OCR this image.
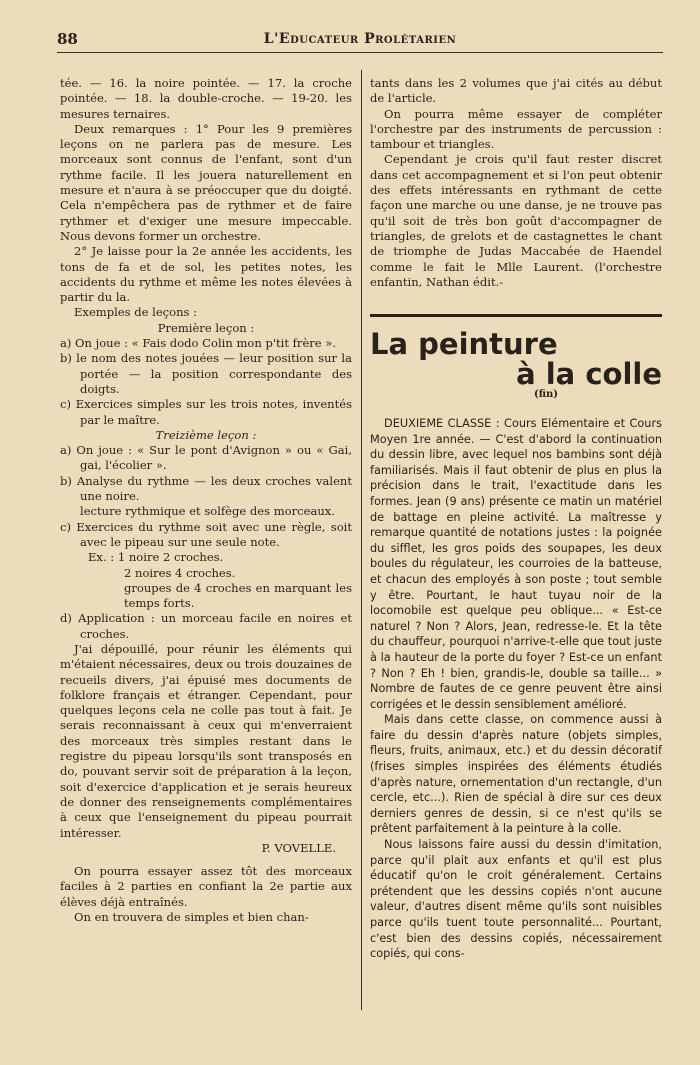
88	L'Educateur Prolétarien

tée. — 16. la noire pointée. — 17. la croche pointée. — 18. la double-croche. — 19-20. les mesures ternaires.

Deux remarques : 1° Pour les 9 premières leçons on ne parlera pas de mesure. Les morceaux sont connus de l'enfant, sont d'un rythme facile. Il les jouera naturellement en mesure et n'aura à se préoccuper que du doigté. Cela n'empêchera pas de rythmer et de faire rythmer et d'exiger une mesure impeccable. Nous devons former un orchestre.

2° Je laisse pour la 2e année les accidents, les tons de fa et de sol, les petites notes, les accidents du rythme et même les notes élevées à partir du la.

Exemples de leçons :

Première leçon :

a) On joue : « Fais dodo Colin mon p'tit frère ».

b) le nom des notes jouées — leur position sur la portée — la position correspondante des doigts.

c) Exercices simples sur les trois notes, inventés par le maître.

Treizième leçon :

a) On joue : « Sur le pont d'Avignon » ou « Gai, gai, l'écolier ».

b) Analyse du rythme — les deux croches valent une noire.

lecture rythmique et solfège des morceaux.

c) Exercices du rythme soit avec une règle, soit avec le pipeau sur une seule note.

Ex. : 1 noire 2 croches.

2 noires 4 croches.

groupes de 4 croches en marquant les temps forts.

d) Application : un morceau facile en noires et croches.

J'ai dépouillé, pour réunir les éléments qui m'étaient nécessaires, deux ou trois douzaines de recueils divers, j'ai épuisé mes documents de folklore français et étranger. Cependant, pour quelques leçons cela ne colle pas tout à fait. Je serais reconnaissant à ceux qui m'enverraient des morceaux très simples restant dans le registre du pipeau lorsqu'ils sont transposés en do, pouvant servir soit de préparation à la leçon, soit d'exercice d'application et je serais heureux de donner des renseignements complémentaires à ceux que l'enseignement du pipeau pourrait intéresser.

P. VOVELLE.

On pourra essayer assez tôt des morceaux faciles à 2 parties en confiant la 2e partie aux élèves déjà entraînés.

On en trouvera de simples et bien chan-

tants dans les 2 volumes que j'ai cités au début de l'article.

On pourra même essayer de compléter l'orchestre par des instruments de percussion : tambour et triangles.

Cependant je crois qu'il faut rester discret dans cet accompagnement et si l'on peut obtenir des effets intéressants en rythmant de cette façon une marche ou une danse, je ne trouve pas qu'il soit de très bon goût d'accompagner de triangles, de grelots et de castagnettes le chant de triomphe de Judas Maccabée de Haendel comme le fait le Mlle Laurent. (l'orchestre enfantin, Nathan édit.-

La peinture
à la colle
(fin)

DEUXIEME CLASSE : Cours Elémentaire et Cours Moyen 1re année. — C'est d'abord la continuation du dessin libre, avec lequel nos bambins sont déjà familiarisés. Mais il faut obtenir de plus en plus la précision dans le trait, l'exactitude dans les formes. Jean (9 ans) présente ce matin un matériel de battage en pleine activité. La maîtresse y remarque quantité de notations justes : la poignée du sifflet, les gros poids des soupapes, les deux boules du régulateur, les courroies de la batteuse, et chacun des employés à son poste ; tout semble y être. Pourtant, le haut tuyau noir de la locomobile est quelque peu oblique... « Est-ce naturel ? Non ? Alors, Jean, redresse-le. Et la tête du chauffeur, pourquoi n'arrive-t-elle que tout juste à la hauteur de la porte du foyer ? Est-ce un enfant ? Non ? Eh ! bien, grandis-le, double sa taille... » Nombre de fautes de ce genre peuvent être ainsi corrigées et le dessin sensiblement amélioré.

Mais dans cette classe, on commence aussi à faire du dessin d'après nature (objets simples, fleurs, fruits, animaux, etc.) et du dessin décoratif (frises simples inspirées des éléments étudiés d'après nature, ornementation d'un rectangle, d'un cercle, etc...). Rien de spécial à dire sur ces deux derniers genres de dessin, si ce n'est qu'ils se prêtent parfaitement à la peinture à la colle.

Nous laissons faire aussi du dessin d'imitation, parce qu'il plait aux enfants et qu'il est plus éducatif qu'on le croit généralement. Certains prétendent que les dessins copiés n'ont aucune valeur, d'autres disent même qu'ils sont nuisibles parce qu'ils tuent toute personnalité... Pourtant, c'est bien des dessins copiés, nécessairement copiés, qui cons-
